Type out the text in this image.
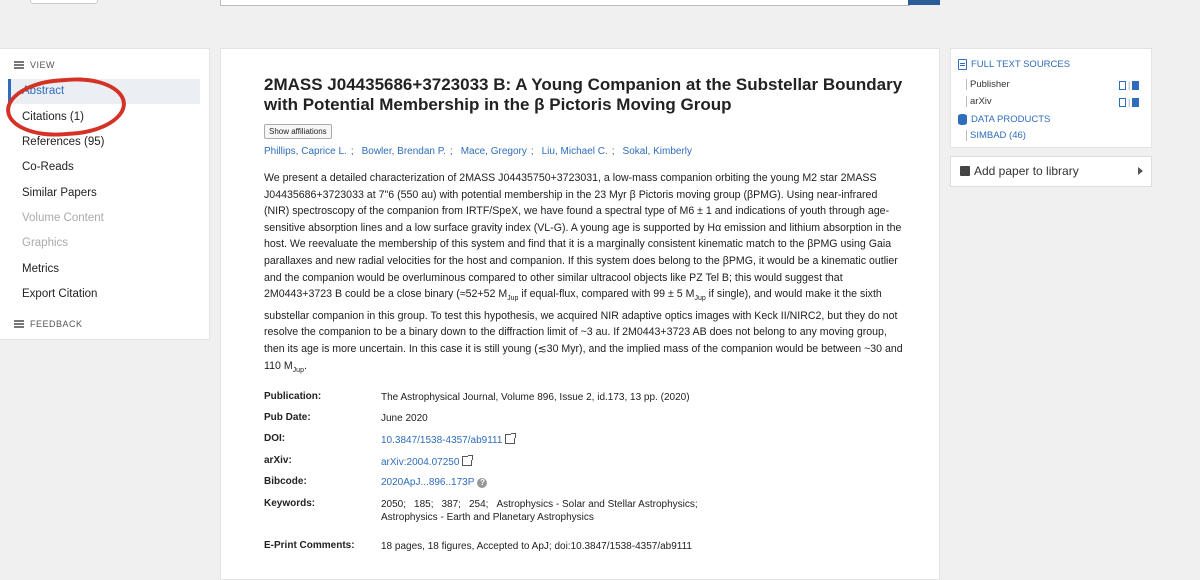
VIEW
Abstract
Citations (1)
References (95)
Co-Reads
Similar Papers
Volume Content
Graphics
Metrics
Export Citation
FEEDBACK
2MASS J04435686+3723033 B: A Young Companion at the Substellar Boundary with Potential Membership in the β Pictoris Moving Group
Show affiliations
Phillips, Caprice L. ; Bowler, Brendan P. ; Mace, Gregory ; Liu, Michael C. ; Sokal, Kimberly
We present a detailed characterization of 2MASS J04435750+3723031, a low-mass companion orbiting the young M2 star 2MASS J04435686+3723033 at 7"6 (550 au) with potential membership in the 23 Myr β Pictoris moving group (βPMG). Using near-infrared (NIR) spectroscopy of the companion from IRTF/SpeX, we have found a spectral type of M6 ± 1 and indications of youth through age-sensitive absorption lines and a low surface gravity index (VL-G). A young age is supported by Hα emission and lithium absorption in the host. We reevaluate the membership of this system and find that it is a marginally consistent kinematic match to the βPMG using Gaia parallaxes and new radial velocities for the host and companion. If this system does belong to the βPMG, it would be a kinematic outlier and the companion would be overluminous compared to other similar ultracool objects like PZ Tel B; this would suggest that 2M0443+3723 B could be a close binary (≈52+52 $M_{Jup}$ if equal-flux, compared with 99 ± 5 $M_{Jup}$ if single), and would make it the sixth substellar companion in this group. To test this hypothesis, we acquired NIR adaptive optics images with Keck II/NIRC2, but they do not resolve the companion to be a binary down to the diffraction limit of ~3 au. If 2M0443+3723 AB does not belong to any moving group, then its age is more uncertain. In this case it is still young (≲30 Myr), and the implied mass of the companion would be between ~30 and 110 $M_{Jup}$.
Publication:	The Astrophysical Journal, Volume 896, Issue 2, id.173, 13 pp. (2020)
Pub Date:	June 2020
DOI:	10.3847/1538-4357/ab9111
arXiv:	arXiv:2004.07250
Bibcode:	2020ApJ...896..173P ?
Keywords:	2050; 185; 387; 254; Astrophysics - Solar and Stellar Astrophysics;
Astrophysics - Earth and Planetary Astrophysics
E-Print Comments:	18 pages, 18 figures, Accepted to ApJ; doi:10.3847/1538-4357/ab9111
FULL TEXT SOURCES
Publisher	|
arXiv	|
DATA PRODUCTS
SIMBAD (46)
Add paper to library
